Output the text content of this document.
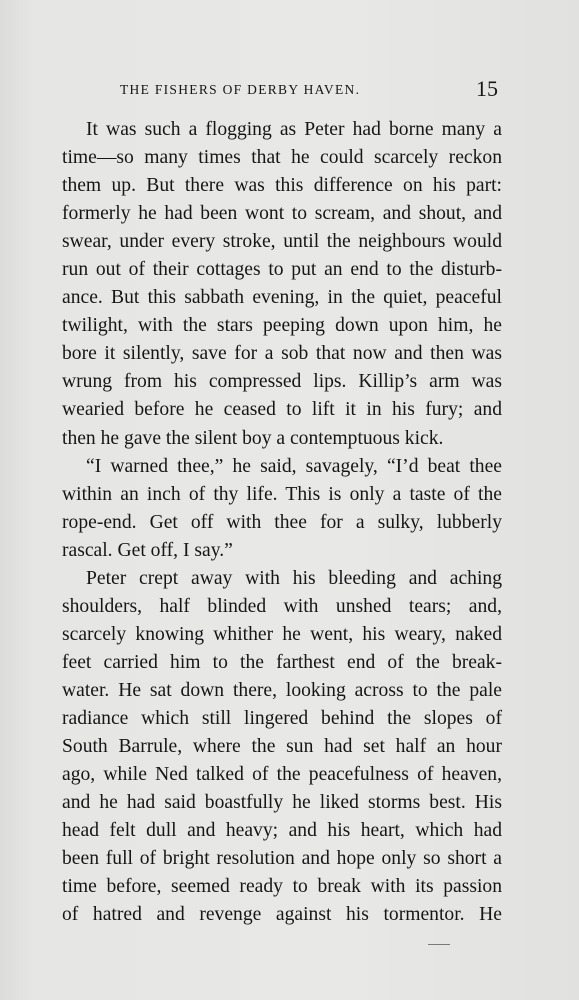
THE FISHERS OF DERBY HAVEN.	15
It was such a flogging as Peter had borne many a
time—so many times that he could scarcely reckon
them up. But there was this difference on his part:
formerly he had been wont to scream, and shout, and
swear, under every stroke, until the neighbours would
run out of their cottages to put an end to the disturb-
ance. But this sabbath evening, in the quiet, peaceful
twilight, with the stars peeping down upon him, he
bore it silently, save for a sob that now and then was
wrung from his compressed lips. Killip’s arm was
wearied before he ceased to lift it in his fury; and
then he gave the silent boy a contemptuous kick.
“I warned thee,” he said, savagely, “I’d beat thee
within an inch of thy life. This is only a taste of the
rope-end. Get off with thee for a sulky, lubberly
rascal. Get off, I say.”
Peter crept away with his bleeding and aching
shoulders, half blinded with unshed tears; and,
scarcely knowing whither he went, his weary, naked
feet carried him to the farthest end of the break-
water. He sat down there, looking across to the pale
radiance which still lingered behind the slopes of
South Barrule, where the sun had set half an hour
ago, while Ned talked of the peacefulness of heaven,
and he had said boastfully he liked storms best. His
head felt dull and heavy; and his heart, which had
been full of bright resolution and hope only so short a
time before, seemed ready to break with its passion
of hatred and revenge against his tormentor. He
